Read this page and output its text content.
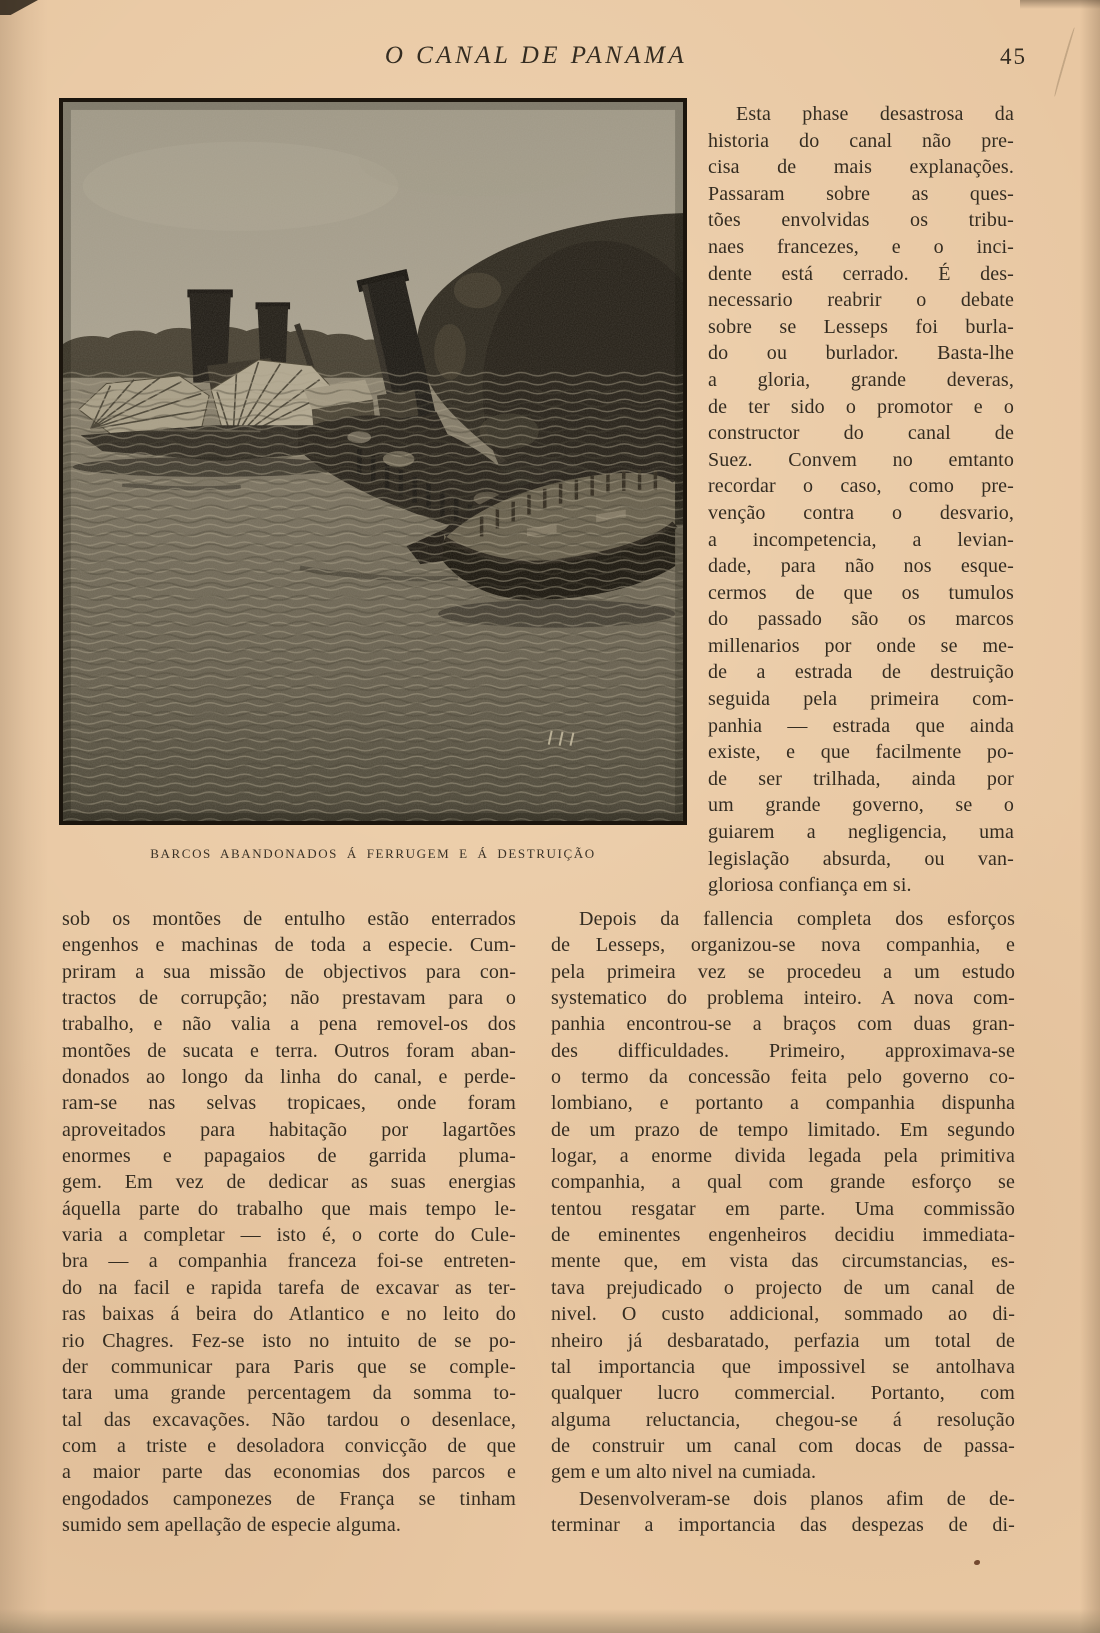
O CANAL DE PANAMA	45
BARCOS ABANDONADOS Á FERRUGEM E Á DESTRUIÇÃO
Esta phase desastrosa da
historia do canal não pre-
cisa de mais explanações.
Passaram sobre as ques-
tões envolvidas os tribu-
naes francezes, e o inci-
dente está cerrado. É des-
necessario reabrir o debate
sobre se Lesseps foi burla-
do ou burlador. Basta-lhe
a gloria, grande deveras,
de ter sido o promotor e o
constructor do canal de
Suez. Convem no emtanto
recordar o caso, como pre-
venção contra o desvario,
a incompetencia, a levian-
dade, para não nos esque-
cermos de que os tumulos
do passado são os marcos
millenarios por onde se me-
de a estrada de destruição
seguida pela primeira com-
panhia — estrada que ainda
existe, e que facilmente po-
de ser trilhada, ainda por
um grande governo, se o
guiarem a negligencia, uma
legislação absurda, ou van-
gloriosa confiança em si.
sob os montões de entulho estão enterrados
engenhos e machinas de toda a especie. Cum-
priram a sua missão de objectivos para con-
tractos de corrupção; não prestavam para o
trabalho, e não valia a pena removel-os dos
montões de sucata e terra. Outros foram aban-
donados ao longo da linha do canal, e perde-
ram-se nas selvas tropicaes, onde foram
aproveitados para habitação por lagartões
enormes e papagaios de garrida pluma-
gem. Em vez de dedicar as suas energias
áquella parte do trabalho que mais tempo le-
varia a completar — isto é, o corte do Cule-
bra — a companhia franceza foi-se entreten-
do na facil e rapida tarefa de excavar as ter-
ras baixas á beira do Atlantico e no leito do
rio Chagres. Fez-se isto no intuito de se po-
der communicar para Paris que se comple-
tara uma grande percentagem da somma to-
tal das excavações. Não tardou o desenlace,
com a triste e desoladora convicção de que
a maior parte das economias dos parcos e
engodados camponezes de França se tinham
sumido sem apellação de especie alguma.
Depois da fallencia completa dos esforços
de Lesseps, organizou-se nova companhia, e
pela primeira vez se procedeu a um estudo
systematico do problema inteiro. A nova com-
panhia encontrou-se a braços com duas gran-
des difficuldades. Primeiro, approximava-se
o termo da concessão feita pelo governo co-
lombiano, e portanto a companhia dispunha
de um prazo de tempo limitado. Em segundo
logar, a enorme divida legada pela primitiva
companhia, a qual com grande esforço se
tentou resgatar em parte. Uma commissão
de eminentes engenheiros decidiu immediata-
mente que, em vista das circumstancias, es-
tava prejudicado o projecto de um canal de
nivel. O custo addicional, sommado ao di-
nheiro já desbaratado, perfazia um total de
tal importancia que impossivel se antolhava
qualquer lucro commercial. Portanto, com
alguma reluctancia, chegou-se á resolução
de construir um canal com docas de passa-
gem e um alto nivel na cumiada.
Desenvolveram-se dois planos afim de de-
terminar a importancia das despezas de di-
